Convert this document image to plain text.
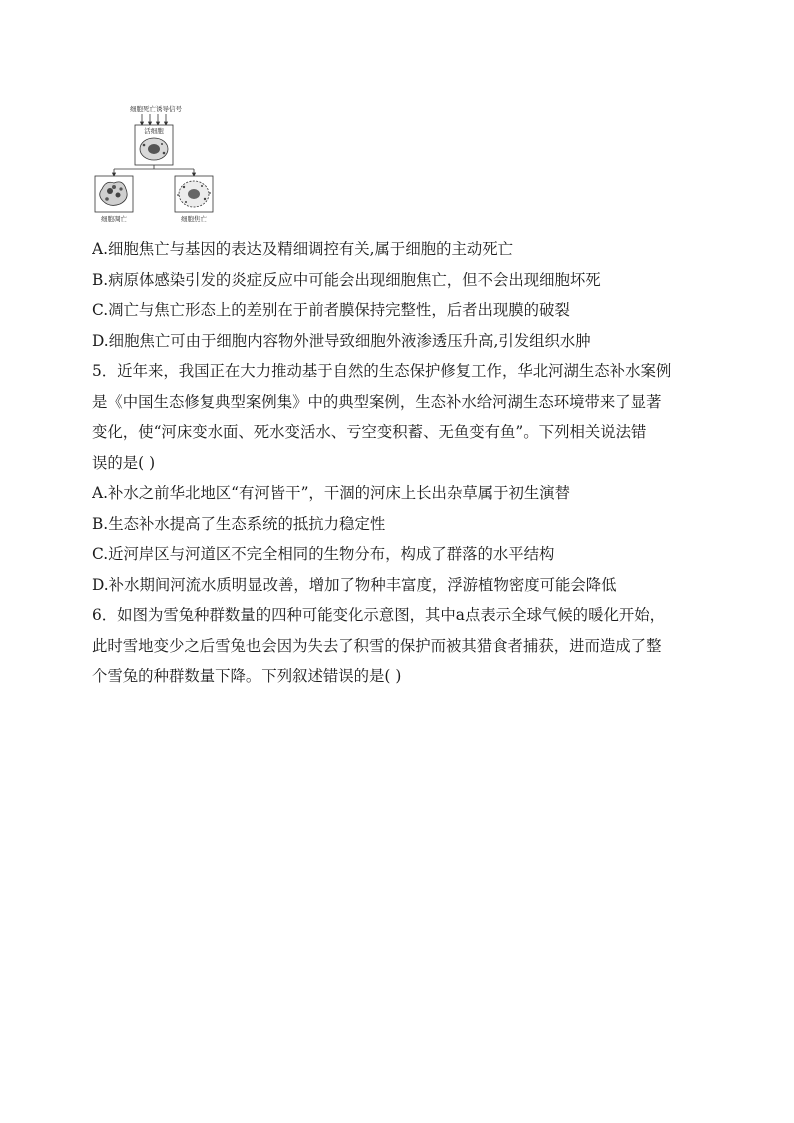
细胞死亡诱导信号
活细胞
细胞凋亡	细胞焦亡
A.细胞焦亡与基因的表达及精细调控有关,属于细胞的主动死亡
B.病原体感染引发的炎症反应中可能会出现细胞焦亡，但不会出现细胞坏死
C.凋亡与焦亡形态上的差别在于前者膜保持完整性，后者出现膜的破裂
D.细胞焦亡可由于细胞内容物外泄导致细胞外液渗透压升高,引发组织水肿
5．近年来，我国正在大力推动基于自然的生态保护修复工作，华北河湖生态补水案例
是《中国生态修复典型案例集》中的典型案例，生态补水给河湖生态环境带来了显著
变化，使“河床变水面、死水变活水、亏空变积蓄、无鱼变有鱼”。下列相关说法错
误的是( )
A.补水之前华北地区“有河皆干”，干涸的河床上长出杂草属于初生演替
B.生态补水提高了生态系统的抵抗力稳定性
C.近河岸区与河道区不完全相同的生物分布，构成了群落的水平结构
D.补水期间河流水质明显改善，增加了物种丰富度，浮游植物密度可能会降低
6．如图为雪兔种群数量的四种可能变化示意图，其中a点表示全球气候的暖化开始，
此时雪地变少之后雪兔也会因为失去了积雪的保护而被其猎食者捕获，进而造成了整
个雪兔的种群数量下降。下列叙述错误的是( )
